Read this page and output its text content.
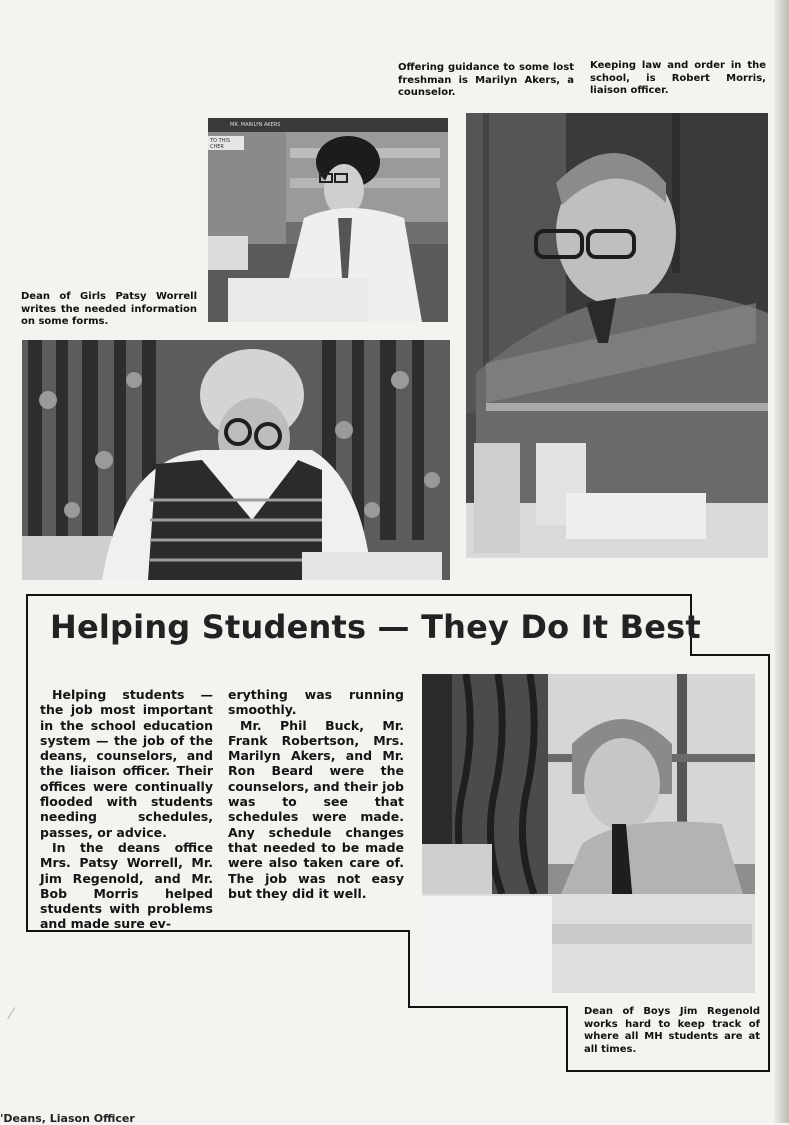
Offering guidance to some lost freshman is Marilyn Akers, a counselor.
Keeping law and order in the school, is Robert Morris, liaison officer.
Dean of Girls Patsy Worrell writes the needed information on some forms.
MR. MARILYN AKERS
TO THIS CHER
Helping Students — They Do It Best

Helping students — the job most important in the school education system — the job of the deans, counselors, and the liaison officer. Their offices were continually flooded with students needing schedules, passes, or advice.

In the deans office Mrs. Patsy Worrell, Mr. Jim Regenold, and Mr. Bob Morris helped students with problems and made sure ev-

erything was running smoothly.

Mr. Phil Buck, Mr. Frank Robertson, Mrs. Marilyn Akers, and Mr. Ron Beard were the counselors, and their job was to see that schedules were made. Any schedule changes that needed to be made were also taken care of. The job was not easy but they did it well.

Dean of Boys Jim Regenold works hard to keep track of where all MH students are at all times.
⁄
'Deans, Liason Officer
